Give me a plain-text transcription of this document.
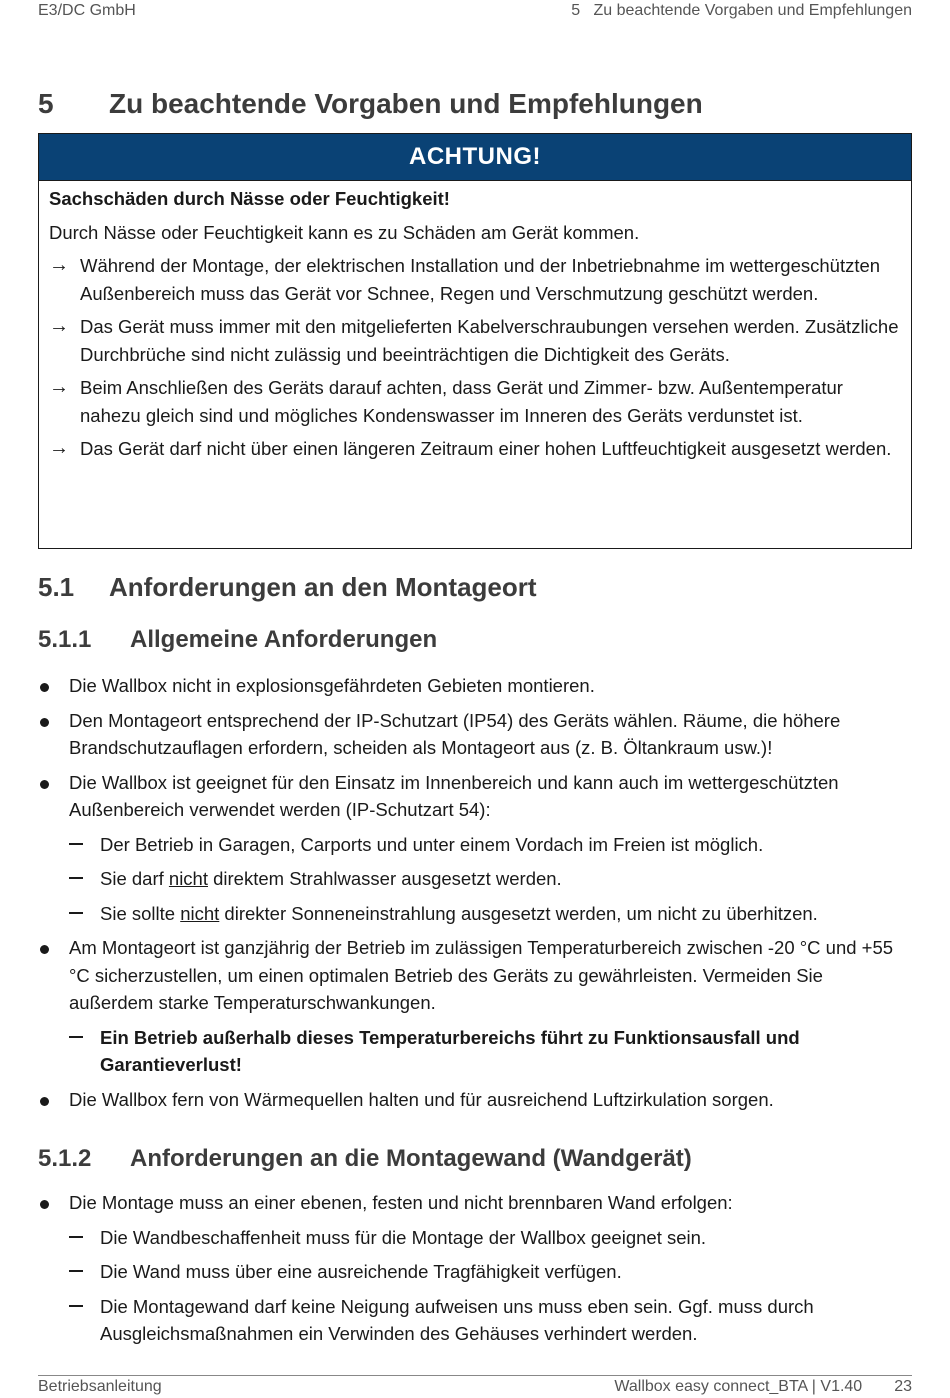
E3/DC GmbH	5   Zu beachtende Vorgaben und Empfehlungen
5 Zu beachtende Vorgaben und Empfehlungen
ACHTUNG!

Sachschäden durch Nässe oder Feuchtigkeit!

Durch Nässe oder Feuchtigkeit kann es zu Schäden am Gerät kommen.

→ Während der Montage, der elektrischen Installation und der Inbetriebnahme im wettergeschützten Außenbereich muss das Gerät vor Schnee, Regen und Verschmutzung geschützt werden.
→ Das Gerät muss immer mit den mitgelieferten Kabelverschraubungen versehen werden. Zusätzliche Durchbrüche sind nicht zulässig und beeinträchtigen die Dichtigkeit des Geräts.
→ Beim Anschließen des Geräts darauf achten, dass Gerät und Zimmer- bzw. Außentemperatur nahezu gleich sind und mögliches Kondenswasser im Inneren des Geräts verdunstet ist.
→ Das Gerät darf nicht über einen längeren Zeitraum einer hohen Luftfeuchtigkeit ausgesetzt werden.
5.1 Anforderungen an den Montageort
5.1.1 Allgemeine Anforderungen
Die Wallbox nicht in explosionsgefährdeten Gebieten montieren.
Den Montageort entsprechend der IP-Schutzart (IP54) des Geräts wählen. Räume, die höhere Brandschutzauflagen erfordern, scheiden als Montageort aus (z. B. Öltankraum usw.)!
Die Wallbox ist geeignet für den Einsatz im Innenbereich und kann auch im wettergeschützten Außenbereich verwendet werden (IP-Schutzart 54):
Der Betrieb in Garagen, Carports und unter einem Vordach im Freien ist möglich.
Sie darf nicht direktem Strahlwasser ausgesetzt werden.
Sie sollte nicht direkter Sonneneinstrahlung ausgesetzt werden, um nicht zu überhitzen.
Am Montageort ist ganzjährig der Betrieb im zulässigen Temperaturbereich zwischen -20 °C und +55 °C sicherzustellen, um einen optimalen Betrieb des Geräts zu gewährleisten. Vermeiden Sie außerdem starke Temperaturschwankungen.
Ein Betrieb außerhalb dieses Temperaturbereichs führt zu Funktionsausfall und Garantieverlust!
Die Wallbox fern von Wärmequellen halten und für ausreichend Luftzirkulation sorgen.
5.1.2 Anforderungen an die Montagewand (Wandgerät)
Die Montage muss an einer ebenen, festen und nicht brennbaren Wand erfolgen:
Die Wandbeschaffenheit muss für die Montage der Wallbox geeignet sein.
Die Wand muss über eine ausreichende Tragfähigkeit verfügen.
Die Montagewand darf keine Neigung aufweisen uns muss eben sein. Ggf. muss durch Ausgleichsmaßnahmen ein Verwinden des Gehäuses verhindert werden.
Betriebsanleitung	Wallbox easy connect_BTA | V1.40 23
